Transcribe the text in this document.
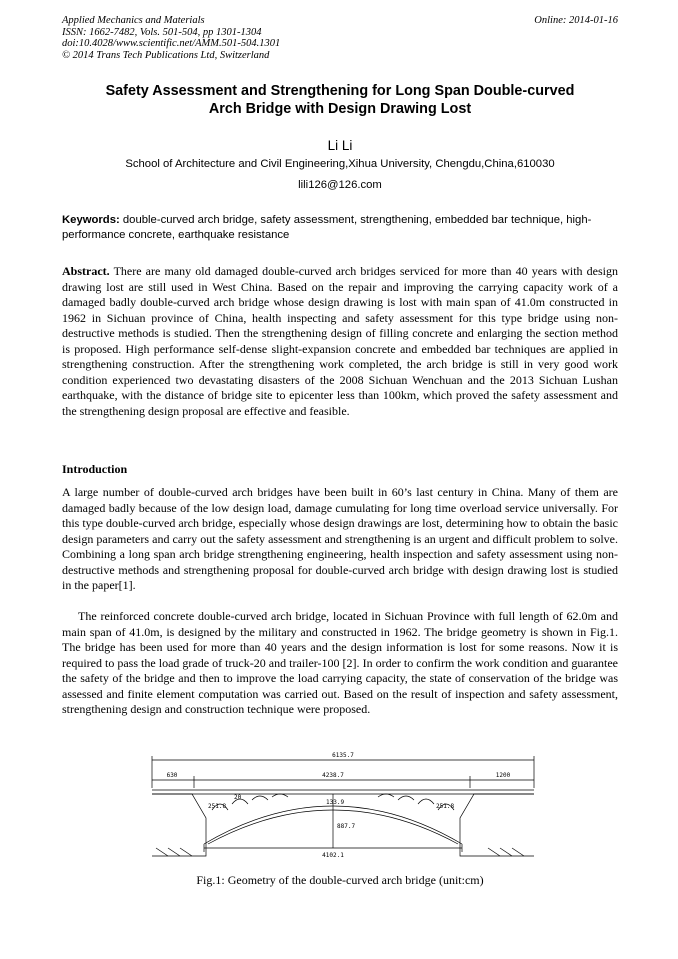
Applied Mechanics and Materials
ISSN: 1662-7482, Vols. 501-504, pp 1301-1304
doi:10.4028/www.scientific.net/AMM.501-504.1301
© 2014 Trans Tech Publications Ltd, Switzerland
Online: 2014-01-16
Safety Assessment and Strengthening for Long Span Double-curved
Arch Bridge with Design Drawing Lost
Li Li
School of Architecture and Civil Engineering,Xihua University, Chengdu,China,610030
lili126@126.com
Keywords: double-curved arch bridge, safety assessment, strengthening, embedded bar technique, high-performance concrete, earthquake resistance
Abstract. There are many old damaged double-curved arch bridges serviced for more than 40 years with design drawing lost are still used in West China. Based on the repair and improving the carrying capacity work of a damaged badly double-curved arch bridge whose design drawing is lost with main span of 41.0m constructed in 1962 in Sichuan province of China, health inspecting and safety assessment for this type bridge using non-destructive methods is studied. Then the strengthening design of filling concrete and enlarging the section method is proposed. High performance self-dense slight-expansion concrete and embedded bar techniques are applied in strengthening construction. After the strengthening work completed, the arch bridge is still in very good work condition experienced two devastating disasters of the 2008 Sichuan Wenchuan and the 2013 Sichuan Lushan earthquake, with the distance of bridge site to epicenter less than 100km, which proved the safety assessment and the strengthening design proposal are effective and feasible.
Introduction
A large number of double-curved arch bridges have been built in 60’s last century in China. Many of them are damaged badly because of the low design load, damage cumulating for long time overload service universally. For this type double-curved arch bridge, especially whose design drawings are lost, determining how to obtain the basic design parameters and carry out the safety assessment and strengthening is an urgent and difficult problem to solve. Combining a long span arch bridge strengthening engineering, health inspection and safety assessment using non-destructive methods and strengthening proposal for double-curved arch bridge with design drawing lost is studied in the paper[1].
The reinforced concrete double-curved arch bridge, located in Sichuan Province with full length of 62.0m and main span of 41.0m, is designed by the military and constructed in 1962. The bridge geometry is shown in Fig.1. The bridge has been used for more than 40 years and the design information is lost for some reasons. Now it is required to pass the load grade of truck-20 and trailer-100 [2]. In order to confirm the work condition and guarantee the safety of the bridge and then to improve the load carrying capacity, the state of conservation of the bridge was assessed and finite element computation was carried out. Based on the result of inspection and safety assessment, strengthening design and construction technique were proposed.
6135.7
630	4238.7	1200
4102.1
887.7
133.9
20
251.8	251.8
Fig.1: Geometry of the double-curved arch bridge (unit:cm)
